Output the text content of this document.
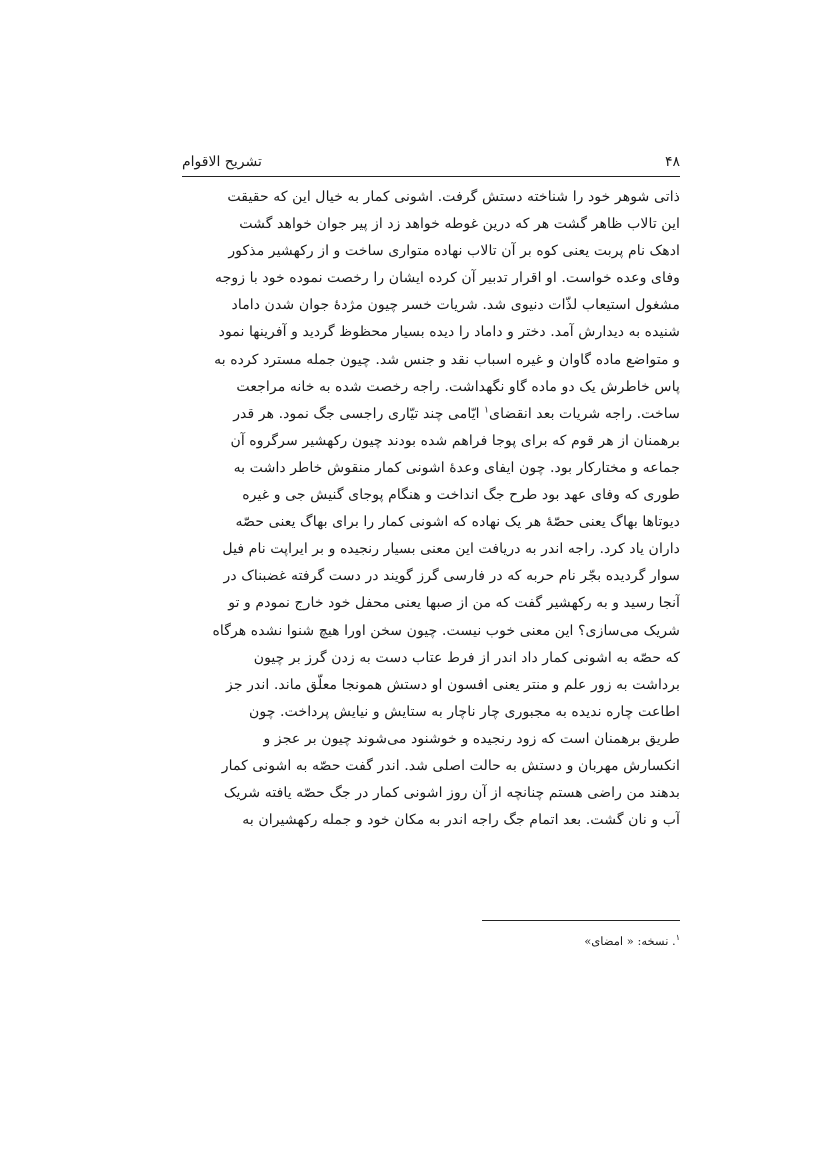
۴۸
تشریح الاقوام
ذاتی شوهر خود را شناخته دستش گرفت. اشونی کمار به خیال این که حقیقت
این تالاب ظاهر گشت هر که درین غوطه خواهد زد از پیر جوان خواهد گشت
ادهک نام پربت یعنی کوه بر آن تالاب نهاده متواری ساخت و از رکهشیر مذکور
وفای وعده خواست. او اقرار تدبیر آن کرده ایشان را رخصت نموده خود با زوجه
مشغول استیعاب لذّات دنیوی شد. شریات خسر چیون مژدهٔ جوان شدن داماد
شنیده به دیدارش آمد. دختر و داماد را دیده بسیار محظوظ گردید و آفرینها نمود
و متواضع ماده گاوان و غیره اسباب نقد و جنس شد. چیون جمله مسترد کرده به
پاس خاطرش یک دو ماده گاو نگهداشت. راجه رخصت شده به خانه مراجعت
ساخت. راجه شریات بعد انقضای$^۱$ ایّامی چند تیّاری راجسی جگ نمود. هر قدر
برهمنان از هر قوم که برای پوجا فراهم شده بودند چیون رکهشیر سرگروه آن
جماعه و مختارکار بود. چون ایفای وعدهٔ اشونی کمار منقوش خاطر داشت به
طوری که وفای عهد بود طرح جگ انداخت و هنگام پوجای گنیش جی و غیره
دیوتاها بهاگ یعنی حصّهٔ هر یک نهاده که اشونی کمار را برای بهاگ یعنی حصّه
داران یاد کرد. راجه اندر به دریافت این معنی بسیار رنجیده و بر ایراپت نام فیل
سوار گردیده بجّر نام حربه که در فارسی گرز گویند در دست گرفته غضبناک در
آنجا رسید و به رکهشیر گفت که من از صبها یعنی محفل خود خارج نمودم و تو
شریک می‌سازی؟ این معنی خوب نیست. چیون سخن اورا هیچ شنوا نشده هرگاه
که حصّه به اشونی کمار داد اندر از فرط عتاب دست به زدن گرز بر چیون
برداشت به زور علم و منتر یعنی افسون او دستش همونجا معلّق ماند. اندر جز
اطاعت چاره ندیده به مجبوری چار ناچار به ستایش و نیایش پرداخت. چون
طریق برهمنان است که زود رنجیده و خوشنود می‌شوند چیون بر عجز و
انکسارش مهربان و دستش به حالت اصلی شد. اندر گفت حصّه به اشونی کمار
بدهند من راضی هستم چنانچه از آن روز اشونی کمار در جگ حصّه یافته شریک
آب و نان گشت. بعد اتمام جگ راجه اندر به مکان خود و جمله رکهشیران به
$^۱$. نسخه: « امضای»
